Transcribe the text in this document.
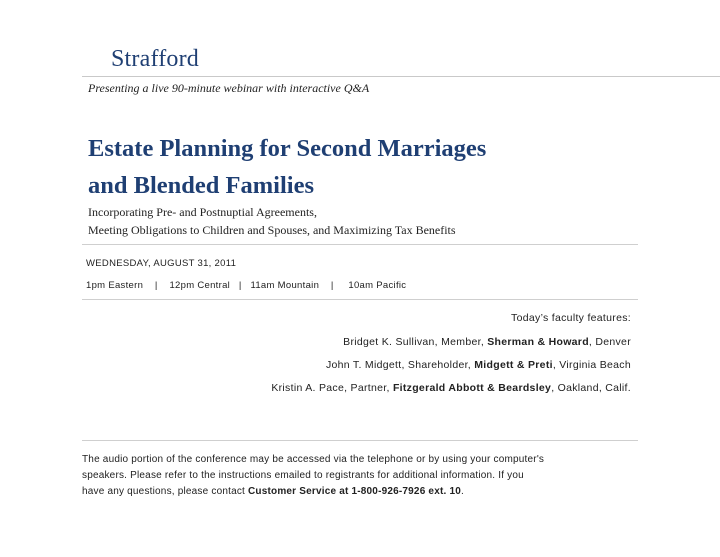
Strafford
Presenting a live 90-minute webinar with interactive Q&A
Estate Planning for Second Marriages
and Blended Families
Incorporating Pre- and Postnuptial Agreements,
Meeting Obligations to Children and Spouses, and Maximizing Tax Benefits
WEDNESDAY, AUGUST 31, 2011
1pm Eastern    |    12pm Central   |   11am Mountain    |     10am Pacific
Today’s faculty features:
Bridget K. Sullivan, Member, Sherman & Howard, Denver
John T. Midgett, Shareholder, Midgett & Preti, Virginia Beach
Kristin A. Pace, Partner, Fitzgerald Abbott & Beardsley, Oakland, Calif.
The audio portion of the conference may be accessed via the telephone or by using your computer's
speakers. Please refer to the instructions emailed to registrants for additional information. If you
have any questions, please contact Customer Service at 1-800-926-7926 ext. 10.
